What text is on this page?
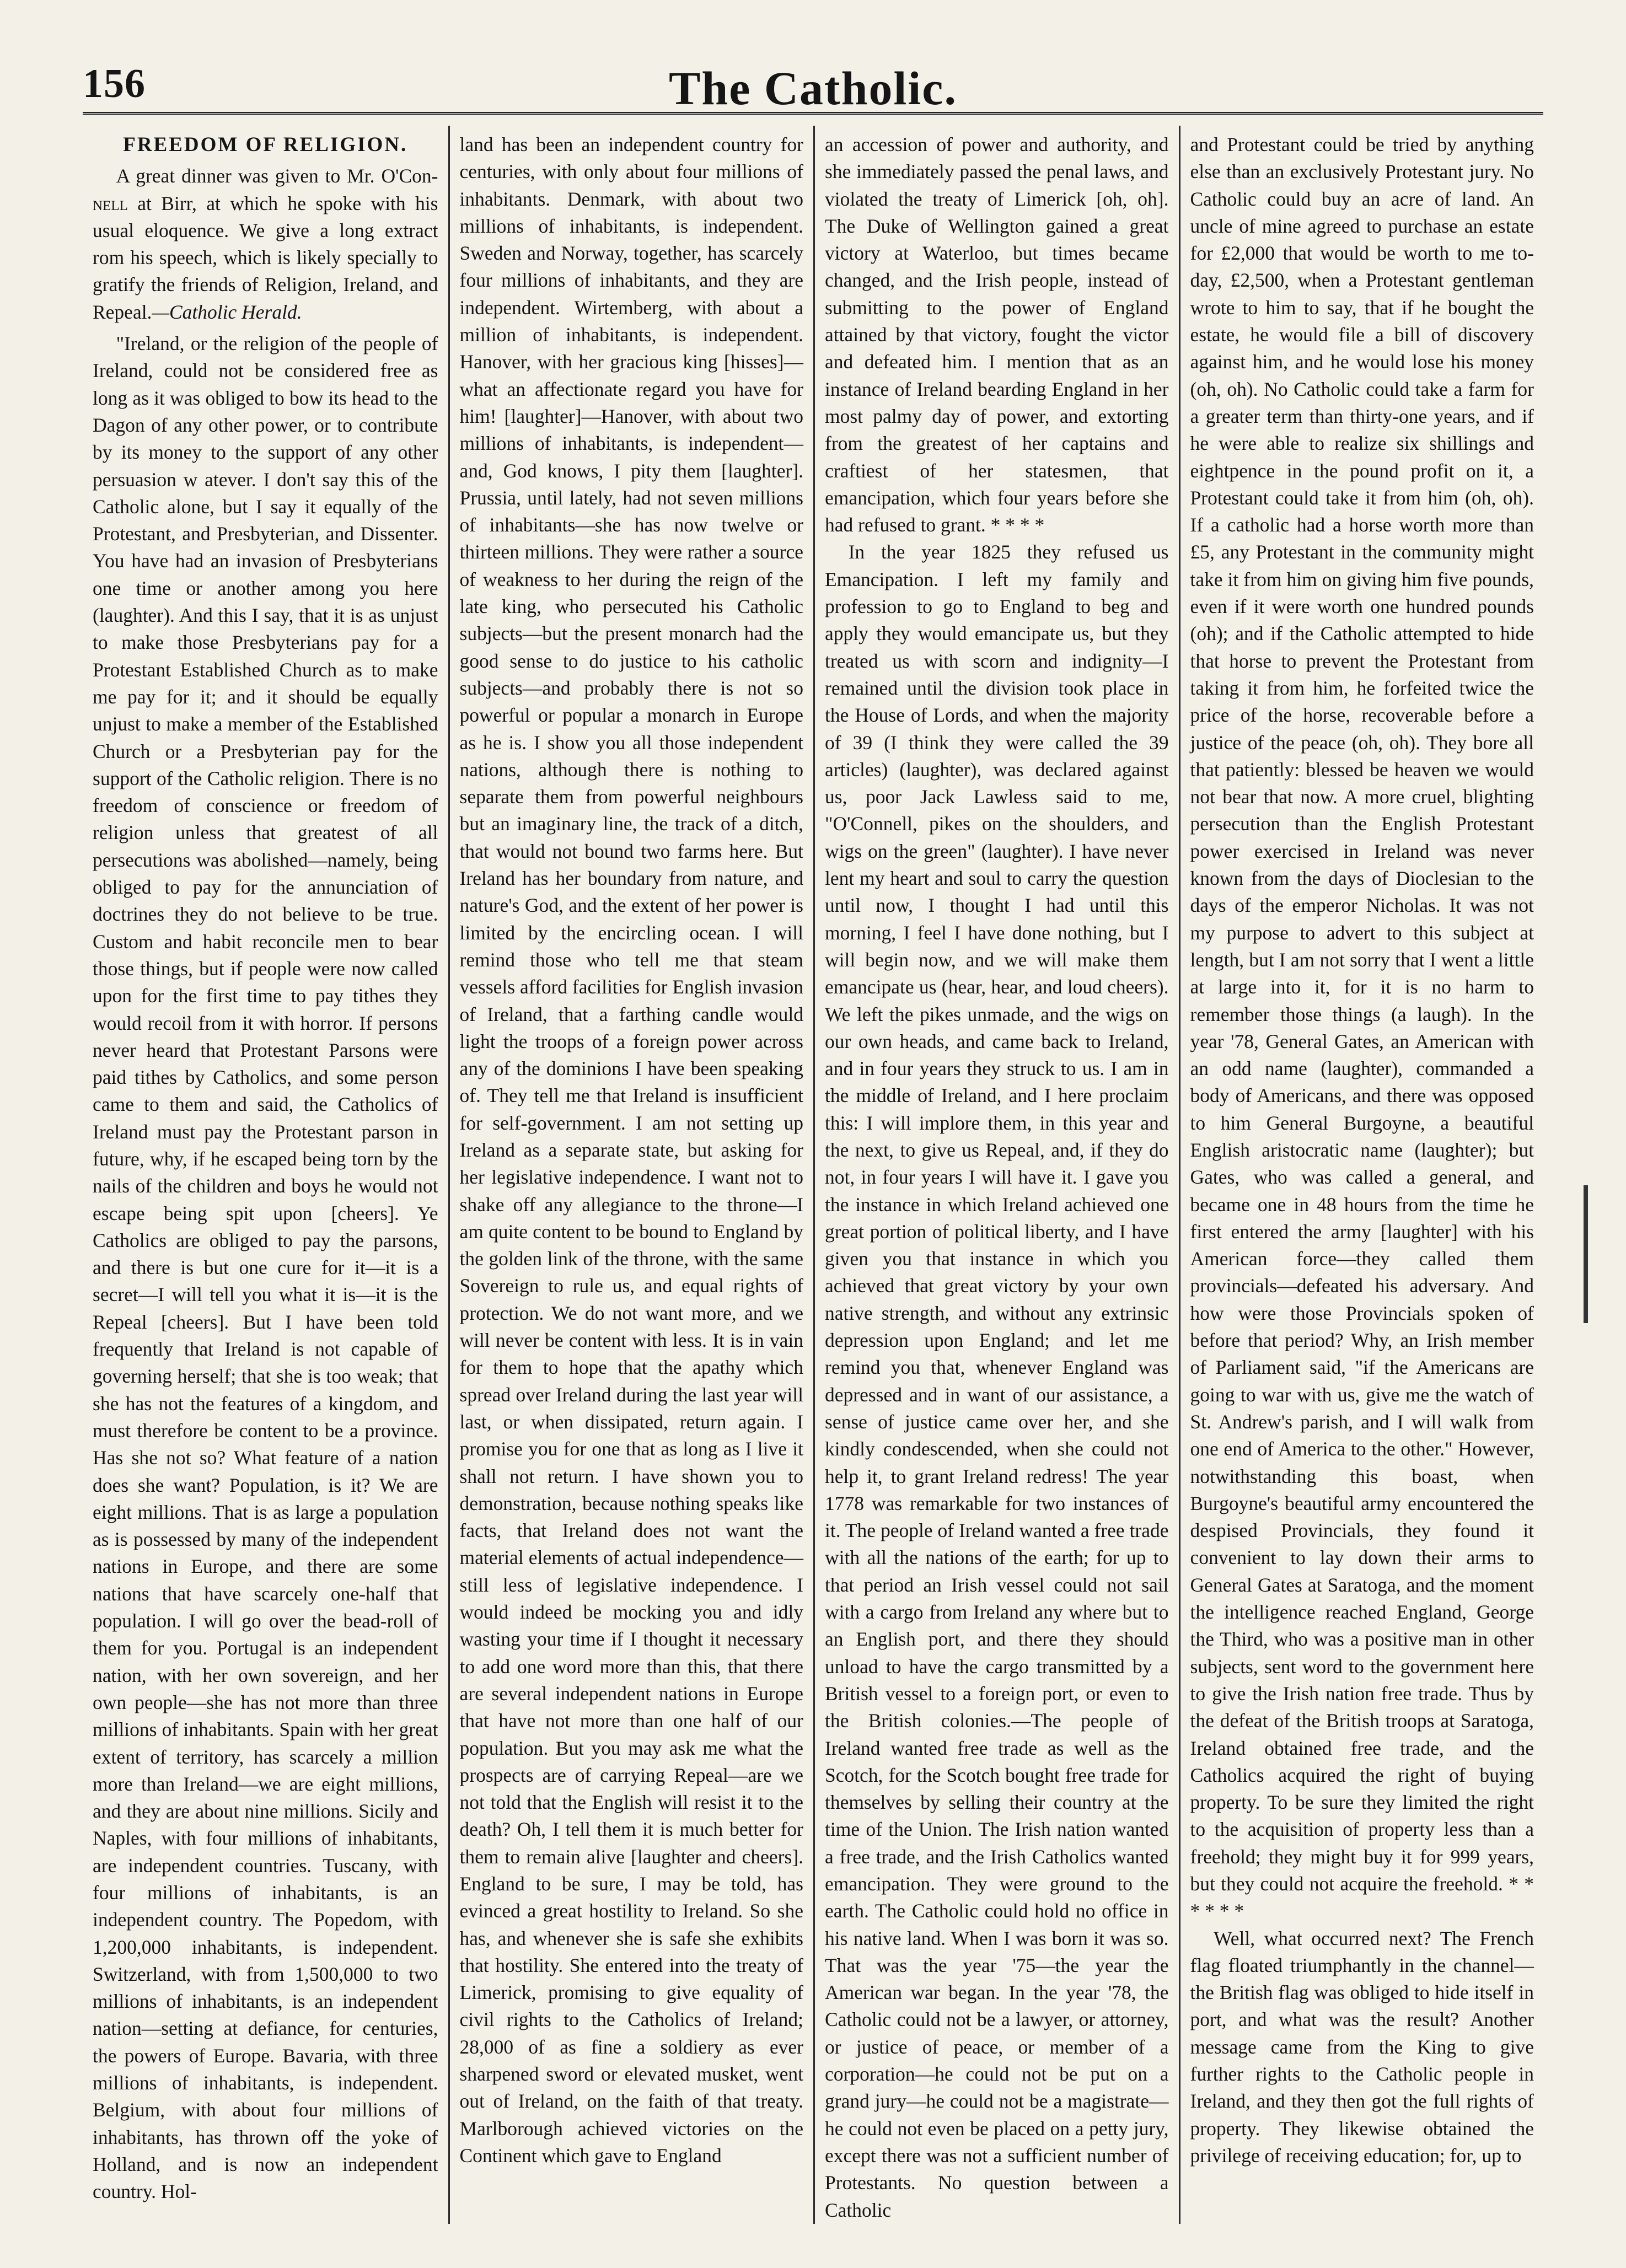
156	The Catholic.
FREEDOM OF RELIGION.

A great dinner was given to Mr. O'Con-nell at Birr, at which he spoke with his usual eloquence. We give a long extract rom his speech, which is likely specially to gratify the friends of Religion, Ireland, and Repeal.—Catholic Herald.

"Ireland, or the religion of the people of Ireland, could not be considered free as long as it was obliged to bow its head to the Dagon of any other power, or to contribute by its money to the support of any other persuasion w atever. I don't say this of the Catholic alone, but I say it equally of the Protestant, and Presbyterian, and Dissenter. You have had an invasion of Presbyterians one time or another among you here (laughter). And this I say, that it is as unjust to make those Presbyterians pay for a Protestant Established Church as to make me pay for it; and it should be equally unjust to make a member of the Established Church or a Presbyterian pay for the support of the Catholic religion. There is no freedom of conscience or freedom of religion unless that greatest of all persecutions was abolished—namely, being obliged to pay for the annunciation of doctrines they do not believe to be true. Custom and habit reconcile men to bear those things, but if people were now called upon for the first time to pay tithes they would recoil from it with horror. If persons never heard that Protestant Parsons were paid tithes by Catholics, and some person came to them and said, the Catholics of Ireland must pay the Protestant parson in future, why, if he escaped being torn by the nails of the children and boys he would not escape being spit upon [cheers]. Ye Catholics are obliged to pay the parsons, and there is but one cure for it—it is a secret—I will tell you what it is—it is the Repeal [cheers]. But I have been told frequently that Ireland is not capable of governing herself; that she is too weak; that she has not the features of a kingdom, and must therefore be content to be a province. Has she not so? What feature of a nation does she want? Population, is it? We are eight millions. That is as large a population as is possessed by many of the independent nations in Europe, and there are some nations that have scarcely one-half that population. I will go over the bead-roll of them for you. Portugal is an independent nation, with her own sovereign, and her own people—she has not more than three millions of inhabitants. Spain with her great extent of territory, has scarcely a million more than Ireland—we are eight millions, and they are about nine millions. Sicily and Naples, with four millions of inhabitants, are independent countries. Tuscany, with four millions of inhabitants, is an independent country. The Popedom, with 1,200,000 inhabitants, is independent. Switzerland, with from 1,500,000 to two millions of inhabitants, is an independent nation—setting at defiance, for centuries, the powers of Europe. Bavaria, with three millions of inhabitants, is independent. Belgium, with about four millions of inhabitants, has thrown off the yoke of Holland, and is now an independent country. Hol-

land has been an independent country for centuries, with only about four millions of inhabitants. Denmark, with about two millions of inhabitants, is independent. Sweden and Norway, together, has scarcely four millions of inhabitants, and they are independent. Wirtemberg, with about a million of inhabitants, is independent. Hanover, with her gracious king [hisses]—what an affectionate regard you have for him! [laughter]—Hanover, with about two millions of inhabitants, is independent—and, God knows, I pity them [laughter]. Prussia, until lately, had not seven millions of inhabitants—she has now twelve or thirteen millions. They were rather a source of weakness to her during the reign of the late king, who persecuted his Catholic subjects—but the present monarch had the good sense to do justice to his catholic subjects—and probably there is not so powerful or popular a monarch in Europe as he is. I show you all those independent nations, although there is nothing to separate them from powerful neighbours but an imaginary line, the track of a ditch, that would not bound two farms here. But Ireland has her boundary from nature, and nature's God, and the extent of her power is limited by the encircling ocean. I will remind those who tell me that steam vessels afford facilities for English invasion of Ireland, that a farthing candle would light the troops of a foreign power across any of the dominions I have been speaking of. They tell me that Ireland is insufficient for self-government. I am not setting up Ireland as a separate state, but asking for her legislative independence. I want not to shake off any allegiance to the throne—I am quite content to be bound to England by the golden link of the throne, with the same Sovereign to rule us, and equal rights of protection. We do not want more, and we will never be content with less. It is in vain for them to hope that the apathy which spread over Ireland during the last year will last, or when dissipated, return again. I promise you for one that as long as I live it shall not return. I have shown you to demonstration, because nothing speaks like facts, that Ireland does not want the material elements of actual independence—still less of legislative independence. I would indeed be mocking you and idly wasting your time if I thought it necessary to add one word more than this, that there are several independent nations in Europe that have not more than one half of our population. But you may ask me what the prospects are of carrying Repeal—are we not told that the English will resist it to the death? Oh, I tell them it is much better for them to remain alive [laughter and cheers]. England to be sure, I may be told, has evinced a great hostility to Ireland. So she has, and whenever she is safe she exhibits that hostility. She entered into the treaty of Limerick, promising to give equality of civil rights to the Catholics of Ireland; 28,000 of as fine a soldiery as ever sharpened sword or elevated musket, went out of Ireland, on the faith of that treaty. Marlborough achieved victories on the Continent which gave to England

an accession of power and authority, and she immediately passed the penal laws, and violated the treaty of Limerick [oh, oh]. The Duke of Wellington gained a great victory at Waterloo, but times became changed, and the Irish people, instead of submitting to the power of England attained by that victory, fought the victor and defeated him. I mention that as an instance of Ireland bearding England in her most palmy day of power, and extorting from the greatest of her captains and craftiest of her statesmen, that emancipation, which four years before she had refused to grant. * * * *

In the year 1825 they refused us Emancipation. I left my family and profession to go to England to beg and apply they would emancipate us, but they treated us with scorn and indignity—I remained until the division took place in the House of Lords, and when the majority of 39 (I think they were called the 39 articles) (laughter), was declared against us, poor Jack Lawless said to me, "O'Connell, pikes on the shoulders, and wigs on the green" (laughter). I have never lent my heart and soul to carry the question until now, I thought I had until this morning, I feel I have done nothing, but I will begin now, and we will make them emancipate us (hear, hear, and loud cheers). We left the pikes unmade, and the wigs on our own heads, and came back to Ireland, and in four years they struck to us. I am in the middle of Ireland, and I here proclaim this: I will implore them, in this year and the next, to give us Repeal, and, if they do not, in four years I will have it. I gave you the instance in which Ireland achieved one great portion of political liberty, and I have given you that instance in which you achieved that great victory by your own native strength, and without any extrinsic depression upon England; and let me remind you that, whenever England was depressed and in want of our assistance, a sense of justice came over her, and she kindly condescended, when she could not help it, to grant Ireland redress! The year 1778 was remarkable for two instances of it. The people of Ireland wanted a free trade with all the nations of the earth; for up to that period an Irish vessel could not sail with a cargo from Ireland any where but to an English port, and there they should unload to have the cargo transmitted by a British vessel to a foreign port, or even to the British colonies.—The people of Ireland wanted free trade as well as the Scotch, for the Scotch bought free trade for themselves by selling their country at the time of the Union. The Irish nation wanted a free trade, and the Irish Catholics wanted emancipation. They were ground to the earth. The Catholic could hold no office in his native land. When I was born it was so. That was the year '75—the year the American war began. In the year '78, the Catholic could not be a lawyer, or attorney, or justice of peace, or member of a corporation—he could not be put on a grand jury—he could not be a magistrate—he could not even be placed on a petty jury, except there was not a sufficient number of Protestants. No question between a Catholic

and Protestant could be tried by anything else than an exclusively Protestant jury. No Catholic could buy an acre of land. An uncle of mine agreed to purchase an estate for £2,000 that would be worth to me to-day, £2,500, when a Protestant gentleman wrote to him to say, that if he bought the estate, he would file a bill of discovery against him, and he would lose his money (oh, oh). No Catholic could take a farm for a greater term than thirty-one years, and if he were able to realize six shillings and eightpence in the pound profit on it, a Protestant could take it from him (oh, oh). If a catholic had a horse worth more than £5, any Protestant in the community might take it from him on giving him five pounds, even if it were worth one hundred pounds (oh); and if the Catholic attempted to hide that horse to prevent the Protestant from taking it from him, he forfeited twice the price of the horse, recoverable before a justice of the peace (oh, oh). They bore all that patiently: blessed be heaven we would not bear that now. A more cruel, blighting persecution than the English Protestant power exercised in Ireland was never known from the days of Dioclesian to the days of the emperor Nicholas. It was not my purpose to advert to this subject at length, but I am not sorry that I went a little at large into it, for it is no harm to remember those things (a laugh). In the year '78, General Gates, an American with an odd name (laughter), commanded a body of Americans, and there was opposed to him General Burgoyne, a beautiful English aristocratic name (laughter); but Gates, who was called a general, and became one in 48 hours from the time he first entered the army [laughter] with his American force—they called them provincials—defeated his adversary. And how were those Provincials spoken of before that period? Why, an Irish member of Parliament said, "if the Americans are going to war with us, give me the watch of St. Andrew's parish, and I will walk from one end of America to the other." However, notwithstanding this boast, when Burgoyne's beautiful army encountered the despised Provincials, they found it convenient to lay down their arms to General Gates at Saratoga, and the moment the intelligence reached England, George the Third, who was a positive man in other subjects, sent word to the government here to give the Irish nation free trade. Thus by the defeat of the British troops at Saratoga, Ireland obtained free trade, and the Catholics acquired the right of buying property. To be sure they limited the right to the acquisition of property less than a freehold; they might buy it for 999 years, but they could not acquire the freehold. * * * * * *

Well, what occurred next? The French flag floated triumphantly in the channel—the British flag was obliged to hide itself in port, and what was the result? Another message came from the King to give further rights to the Catholic people in Ireland, and they then got the full rights of property. They likewise obtained the privilege of receiving education; for, up to
